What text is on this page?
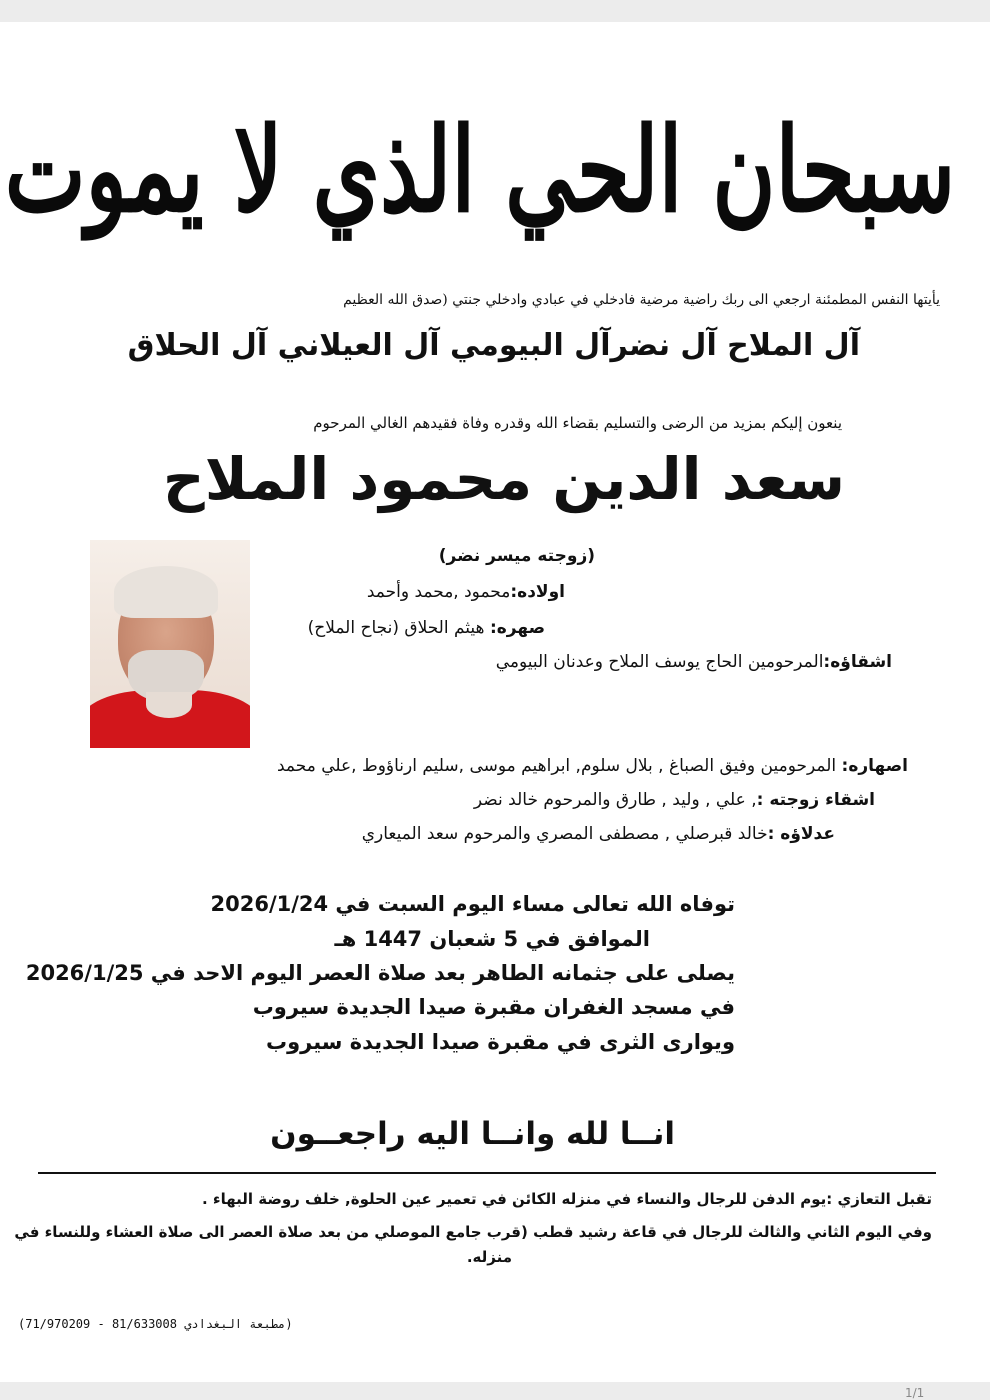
سبحان الحي الذي لا يموت
يأيتها النفس المطمئنة ارجعي الى ربك راضية مرضية فادخلي في عبادي وادخلي جنتي (صدق الله العظيم
آل الملاح آل نضرآل البيومي آل العيلاني آل الحلاق
ينعون إليكم بمزيد من الرضى والتسليم بقضاء الله وقدره وفاة فقيدهم الغالي المرحوم
سعد الدين محمود الملاح
(زوجته ميسر نضر)
اولاده:محمود ,محمد وأحمد
صهره: هيثم الحلاق (نجاح الملاح)
اشقاؤه:المرحومين الحاج يوسف الملاح وعدنان البيومي
اصهاره: المرحومين وفيق الصباغ , بلال سلوم, ابراهيم موسى ,سليم ارناؤوط ,علي محمد
اشقاء زوجته :, علي , وليد , طارق والمرحوم خالد نضر
عدلاؤه :خالد قبرصلي , مصطفى المصري والمرحوم سعد الميعاري
توفاه الله تعالى مساء اليوم السبت في 2026/1/24
الموافق في 5 شعبان 1447 هـ
يصلى على جثمانه الطاهر بعد صلاة العصر اليوم الاحد في 2026/1/25
في مسجد الغفران مقبرة صيدا الجديدة سيروب
ويوارى الثرى في مقبرة صيدا الجديدة سيروب
انــا لله وانــا اليه راجعــون
تقبل التعازي :يوم الدفن للرجال والنساء في منزله الكائن في تعمير عين الحلوة, خلف روضة البهاء .
وفي اليوم الثاني والثالث للرجال في قاعة رشيد قطب (قرب جامع الموصلي من بعد صلاة العصر الى صلاة العشاء وللنساء في
منزله.
(مطبعة البغدادي 81/633008 - 71/970209)
1/1
